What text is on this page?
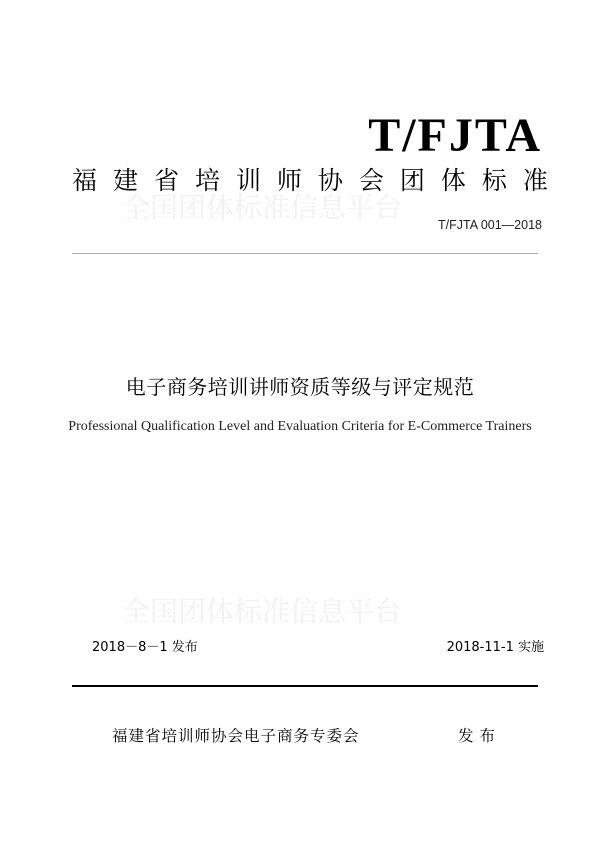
全国团体标准信息平台
全国团体标准信息平台
T/FJTA
福 建 省 培 训 师 协 会 团 体 标 准
T/FJTA 001—2018
电子商务培训讲师资质等级与评定规范
Professional Qualification Level and Evaluation Criteria for E-Commerce Trainers
2018－8－1 发布	2018-11-1 实施
福建省培训师协会电子商务专委会	发布
